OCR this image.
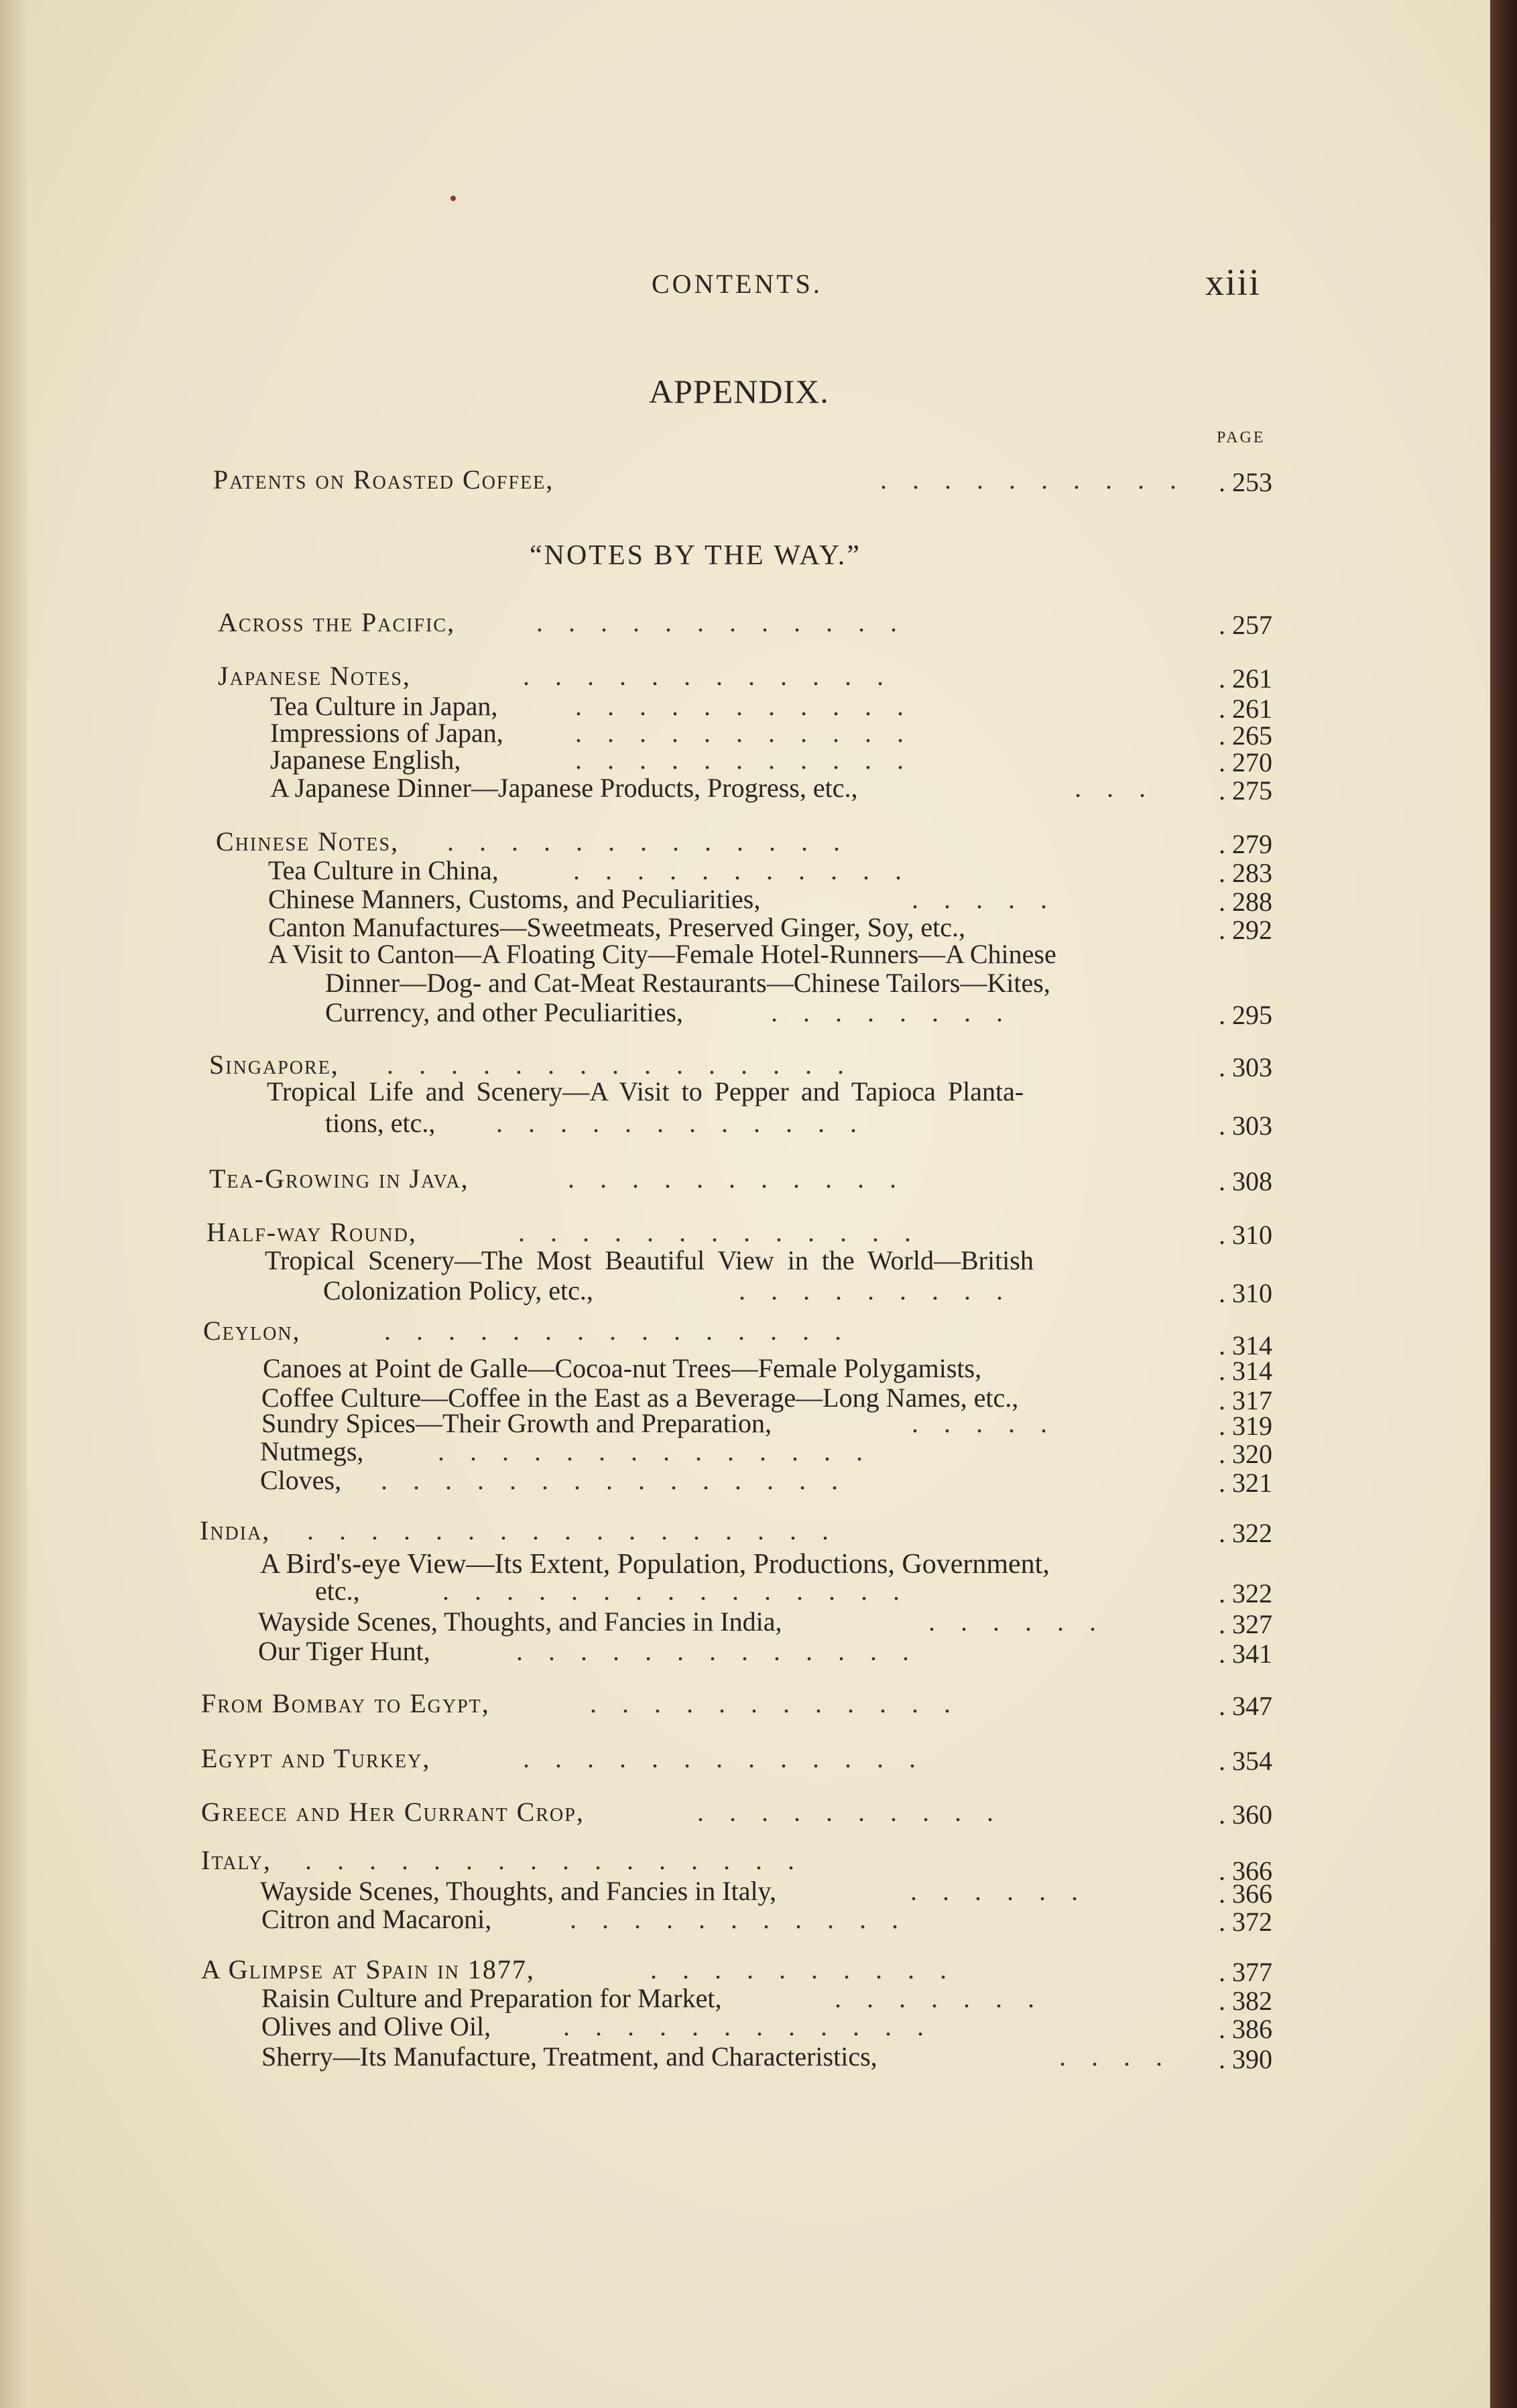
CONTENTS.	xiii
APPENDIX.
PAGE
“NOTES BY THE WAY.”
Patents on Roasted Coffee,	. . . . . . . . . . . 253
Across the Pacific,	. . . . . . . . . . . .	. 257
Japanese Notes,	. . . . . . . . . . . .	. 261
Tea Culture in Japan,	. . . . . . . . . . .	. 261
Impressions of Japan,	. . . . . . . . . . .	. 265
Japanese English,	. . . . . . . . . . .	. 270
A Japanese Dinner—Japanese Products, Progress, etc.,	. . . . 275
Chinese Notes, . . . . . . . . . . . . .	. 279
Tea Culture in China,	. . . . . . . . . . .	. 283
Chinese Manners, Customs, and Peculiarities,	. . . . .	. 288
Canton Manufactures—Sweetmeats, Preserved Ginger, Soy, etc.,	. 292
A Visit to Canton—A Floating City—Female Hotel-Runners—A Chinese
Dinner—Dog- and Cat-Meat Restaurants—Chinese Tailors—Kites,
Currency, and other Peculiarities,	. . . . . . . .	. 295
Singapore, . . . . . . . . . . . . . . .	. 303
Tropical Life and Scenery—A Visit to Pepper and Tapioca Planta-
tions, etc., . . . . . . . . . . . .	. 303
Tea-Growing in Java,	. . . . . . . . . . .	. 308
Half-way Round,	. . . . . . . . . . . . .	. 310
Tropical Scenery—The Most Beautiful View in the World—British
Colonization Policy, etc.,	. . . . . . . . .	. 310
Ceylon,	. . . . . . . . . . . . . . .	. 314
Canoes at Point de Galle—Cocoa-nut Trees—Female Polygamists,	. 314
Coffee Culture—Coffee in the East as a Beverage—Long Names, etc.,	. 317
Sundry Spices—Their Growth and Preparation,	. . . . .	. 319
Nutmegs,	. . . . . . . . . . . . . .	. 320
Cloves, . . . . . . . . . . . . . . .	. 321
India, . . . . . . . . . . . . . . . . .	. 322
A Bird's-eye View—Its Extent, Population, Productions, Government,
etc.,	. . . . . . . . . . . . . . .	. 322
Wayside Scenes, Thoughts, and Fancies in India,	. . . . . .	. 327
Our Tiger Hunt,	. . . . . . . . . . . . .	. 341
From Bombay to Egypt,	. . . . . . . . . . . .	. 347
Egypt and Turkey,	. . . . . . . . . . . . .	. 354
Greece and Her Currant Crop,	. . . . . . . . . .	. 360
Italy, . . . . . . . . . . . . . . . .	. 366
Wayside Scenes, Thoughts, and Fancies in Italy,	. . . . . .	. 366
Citron and Macaroni,	. . . . . . . . . . .	. 372
A Glimpse at Spain in 1877,	. . . . . . . . . .	. 377
Raisin Culture and Preparation for Market,	. . . . . . .	. 382
Olives and Olive Oil,	. . . . . . . . . . . .	. 386
Sherry—Its Manufacture, Treatment, and Characteristics,	. . . . . 390
